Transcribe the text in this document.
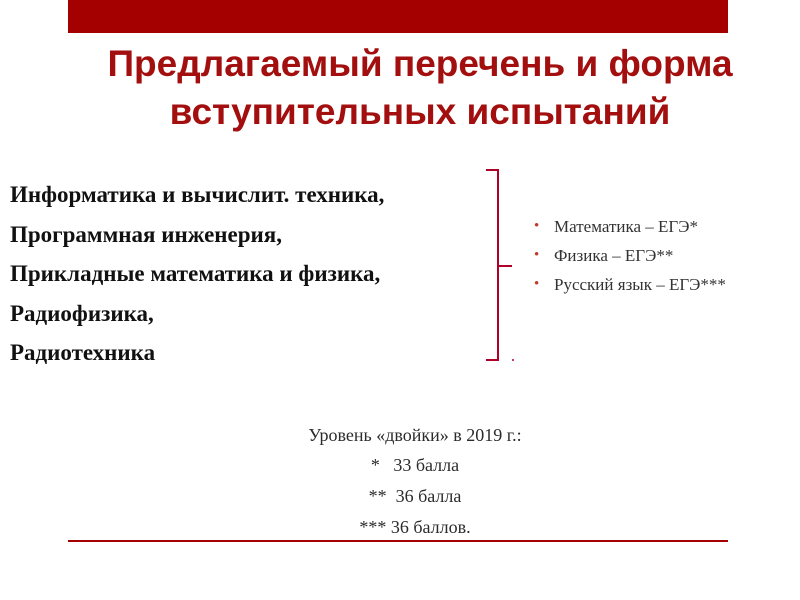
Предлагаемый перечень и форма
вступительных испытаний
Информатика и вычислит. техника,
Программная инженерия,
Прикладные математика и физика,
Радиофизика,
Радиотехника
• Математика – ЕГЭ*
• Физика – ЕГЭ**
• Русский язык – ЕГЭ***
Уровень «двойки» в 2019 г.:
*   33 балла
**  36 балла
*** 36 баллов.
